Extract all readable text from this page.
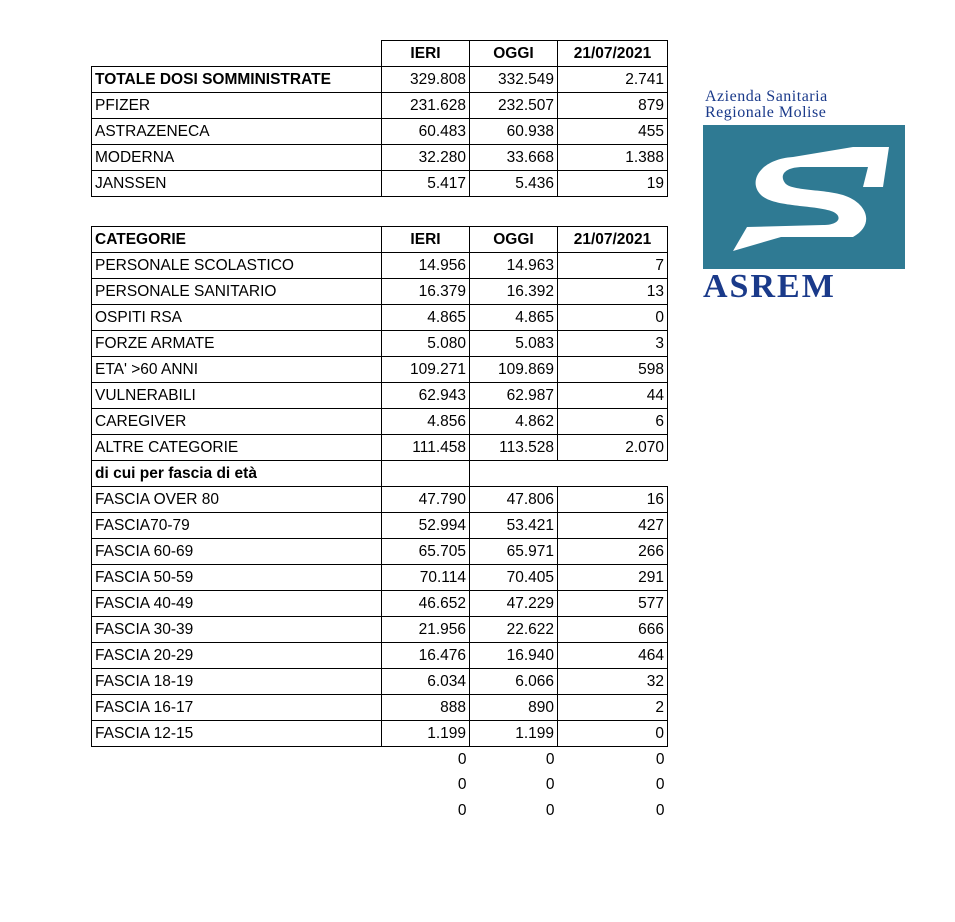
	IERI	OGGI	21/07/2021
TOTALE DOSI SOMMINISTRATE	329.808	332.549	2.741
PFIZER	231.628	232.507	879
ASTRAZENECA	60.483	60.938	455
MODERNA	32.280	33.668	1.388
JANSSEN	5.417	5.436	19
CATEGORIE	IERI	OGGI	21/07/2021
PERSONALE SCOLASTICO	14.956	14.963	7
PERSONALE SANITARIO	16.379	16.392	13
OSPITI RSA	4.865	4.865	0
FORZE ARMATE	5.080	5.083	3
ETA' >60 ANNI	109.271	109.869	598
VULNERABILI	62.943	62.987	44
CAREGIVER	4.856	4.862	6
ALTRE CATEGORIE	111.458	113.528	2.070
di cui per fascia di età			
FASCIA OVER 80	47.790	47.806	16
FASCIA70-79	52.994	53.421	427
FASCIA 60-69	65.705	65.971	266
FASCIA 50-59	70.114	70.405	291
FASCIA 40-49	46.652	47.229	577
FASCIA 30-39	21.956	22.622	666
FASCIA 20-29	16.476	16.940	464
FASCIA 18-19	6.034	6.066	32
FASCIA 16-17	888	890	2
FASCIA 12-15	1.199	1.199	0
	0	0	0
	0	0	0
	0	0	0
Azienda Sanitaria
Regionale Molise
ASREM
